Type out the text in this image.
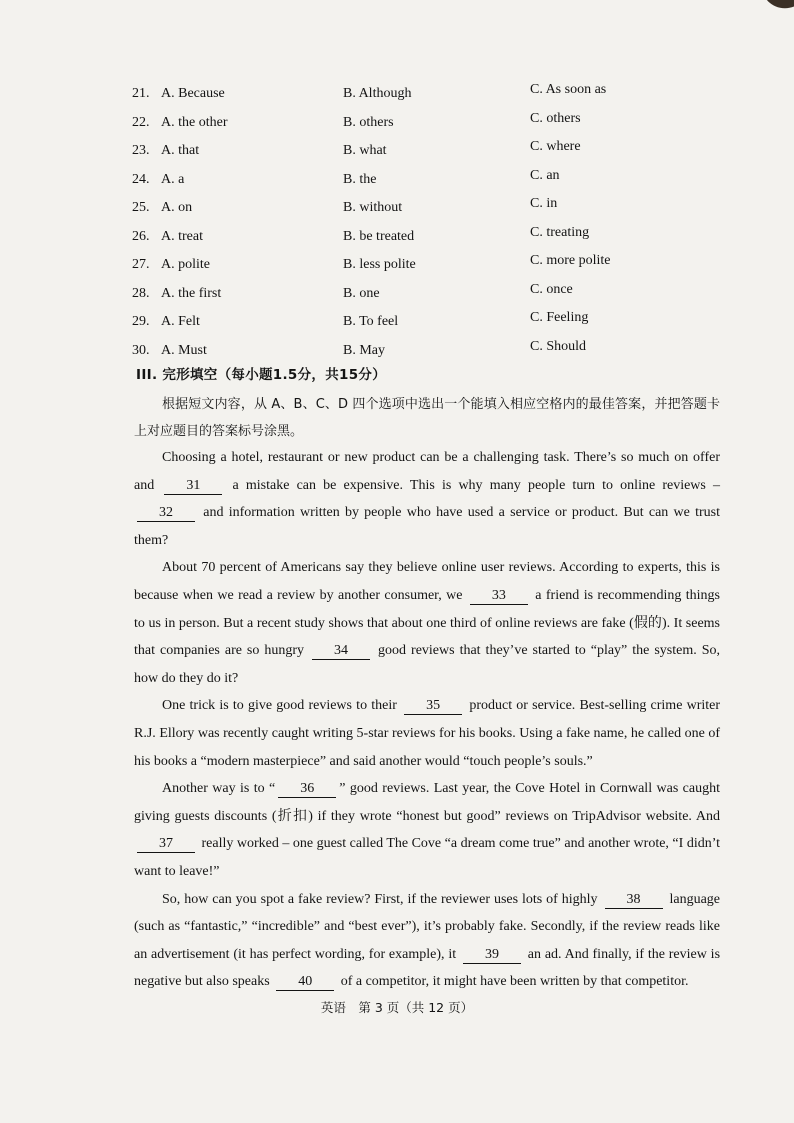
21. A. Because	B. Although	C. As soon as
22. A. the other	B. others	C. others
23. A. that	B. what	C. where
24. A. a	B. the	C. an
25. A. on	B. without	C. in
26. A. treat	B. be treated	C. treating
27. A. polite	B. less polite	C. more polite
28. A. the first	B. one	C. once
29. A. Felt	B. To feel	C. Feeling
30. A. Must	B. May	C. Should
III. 完形填空（每小题1.5分，共15分）
根据短文内容，从 A、B、C、D 四个选项中选出一个能填入相应空格内的最佳答案，并把答题卡上对应题目的答案标号涂黑。

Choosing a hotel, restaurant or new product can be a challenging task. There’s so much on offer and 31 a mistake can be expensive. This is why many people turn to online reviews – 32 and information written by people who have used a service or product. But can we trust them?

About 70 percent of Americans say they believe online user reviews. According to experts, this is because when we read a review by another consumer, we 33 a friend is recommending things to us in person. But a recent study shows that about one third of online reviews are fake (假的). It seems that companies are so hungry 34 good reviews that they’ve started to “play” the system. So, how do they do it?

One trick is to give good reviews to their 35 product or service. Best-selling crime writer R.J. Ellory was recently caught writing 5-star reviews for his books. Using a fake name, he called one of his books a “modern masterpiece” and said another would “touch people’s souls.”

Another way is to “ 36 ” good reviews. Last year, the Cove Hotel in Cornwall was caught giving guests discounts (折扣) if they wrote “honest but good” reviews on TripAdvisor website. And 37 really worked – one guest called The Cove “a dream come true” and another wrote, “I didn’t want to leave!”

So, how can you spot a fake review? First, if the reviewer uses lots of highly 38 language (such as “fantastic,” “incredible” and “best ever”), it’s probably fake. Secondly, if the review reads like an advertisement (it has perfect wording, for example), it 39 an ad. And finally, if the review is negative but also speaks 40 of a competitor, it might have been written by that competitor.

英语　第 3 页（共 12 页）
